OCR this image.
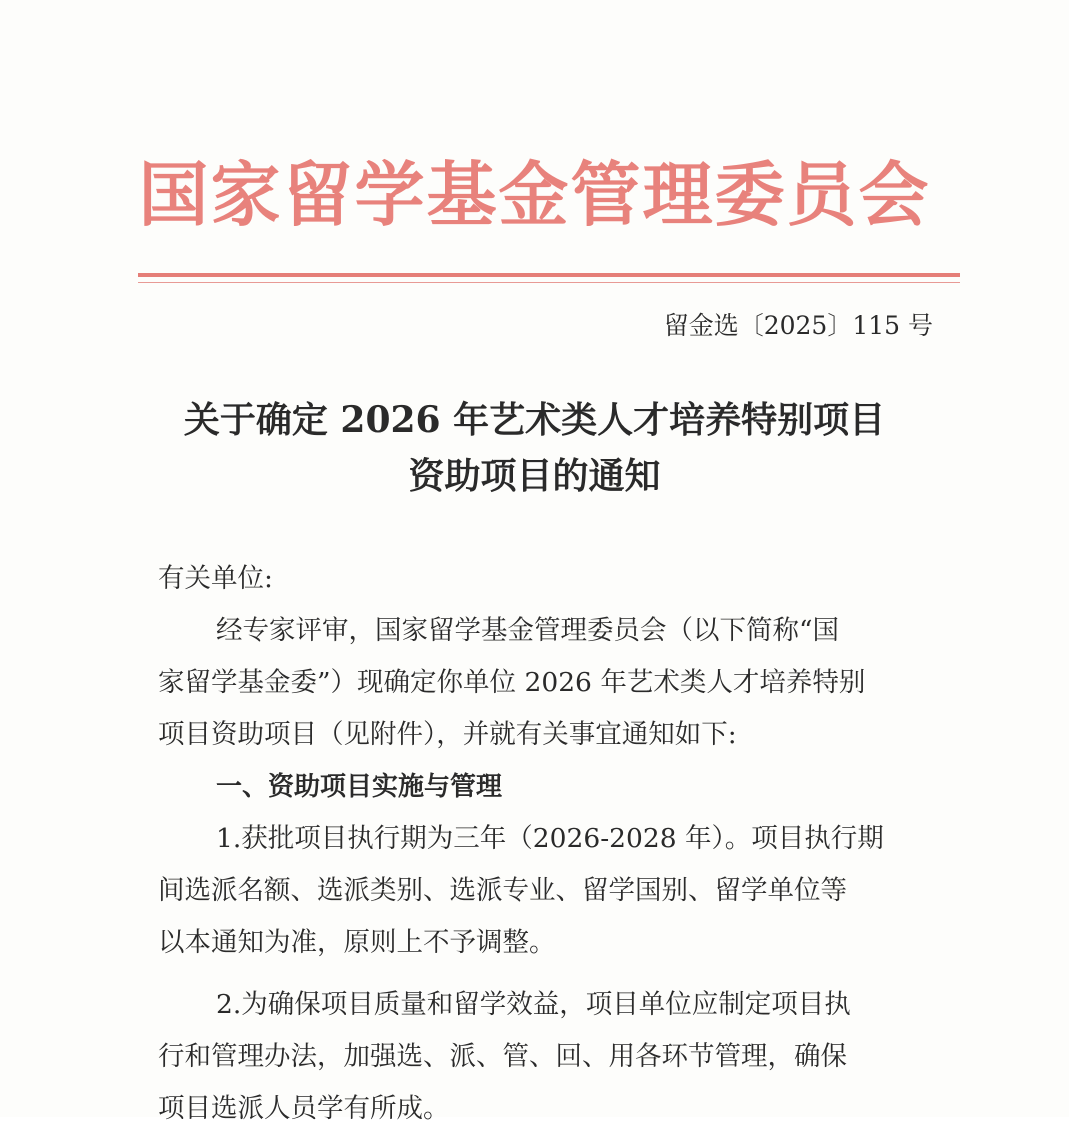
国家留学基金管理委员会
留金选〔2025〕115 号
关于确定 2026 年艺术类人才培养特别项目
资助项目的通知
有关单位:
经专家评审，国家留学基金管理委员会（以下简称“国
家留学基金委”）现确定你单位 2026 年艺术类人才培养特别
项目资助项目（见附件），并就有关事宜通知如下:
一、资助项目实施与管理
1.获批项目执行期为三年（2026-2028 年）。项目执行期
间选派名额、选派类别、选派专业、留学国别、留学单位等
以本通知为准，原则上不予调整。
2.为确保项目质量和留学效益，项目单位应制定项目执
行和管理办法，加强选、派、管、回、用各环节管理，确保
项目选派人员学有所成。
